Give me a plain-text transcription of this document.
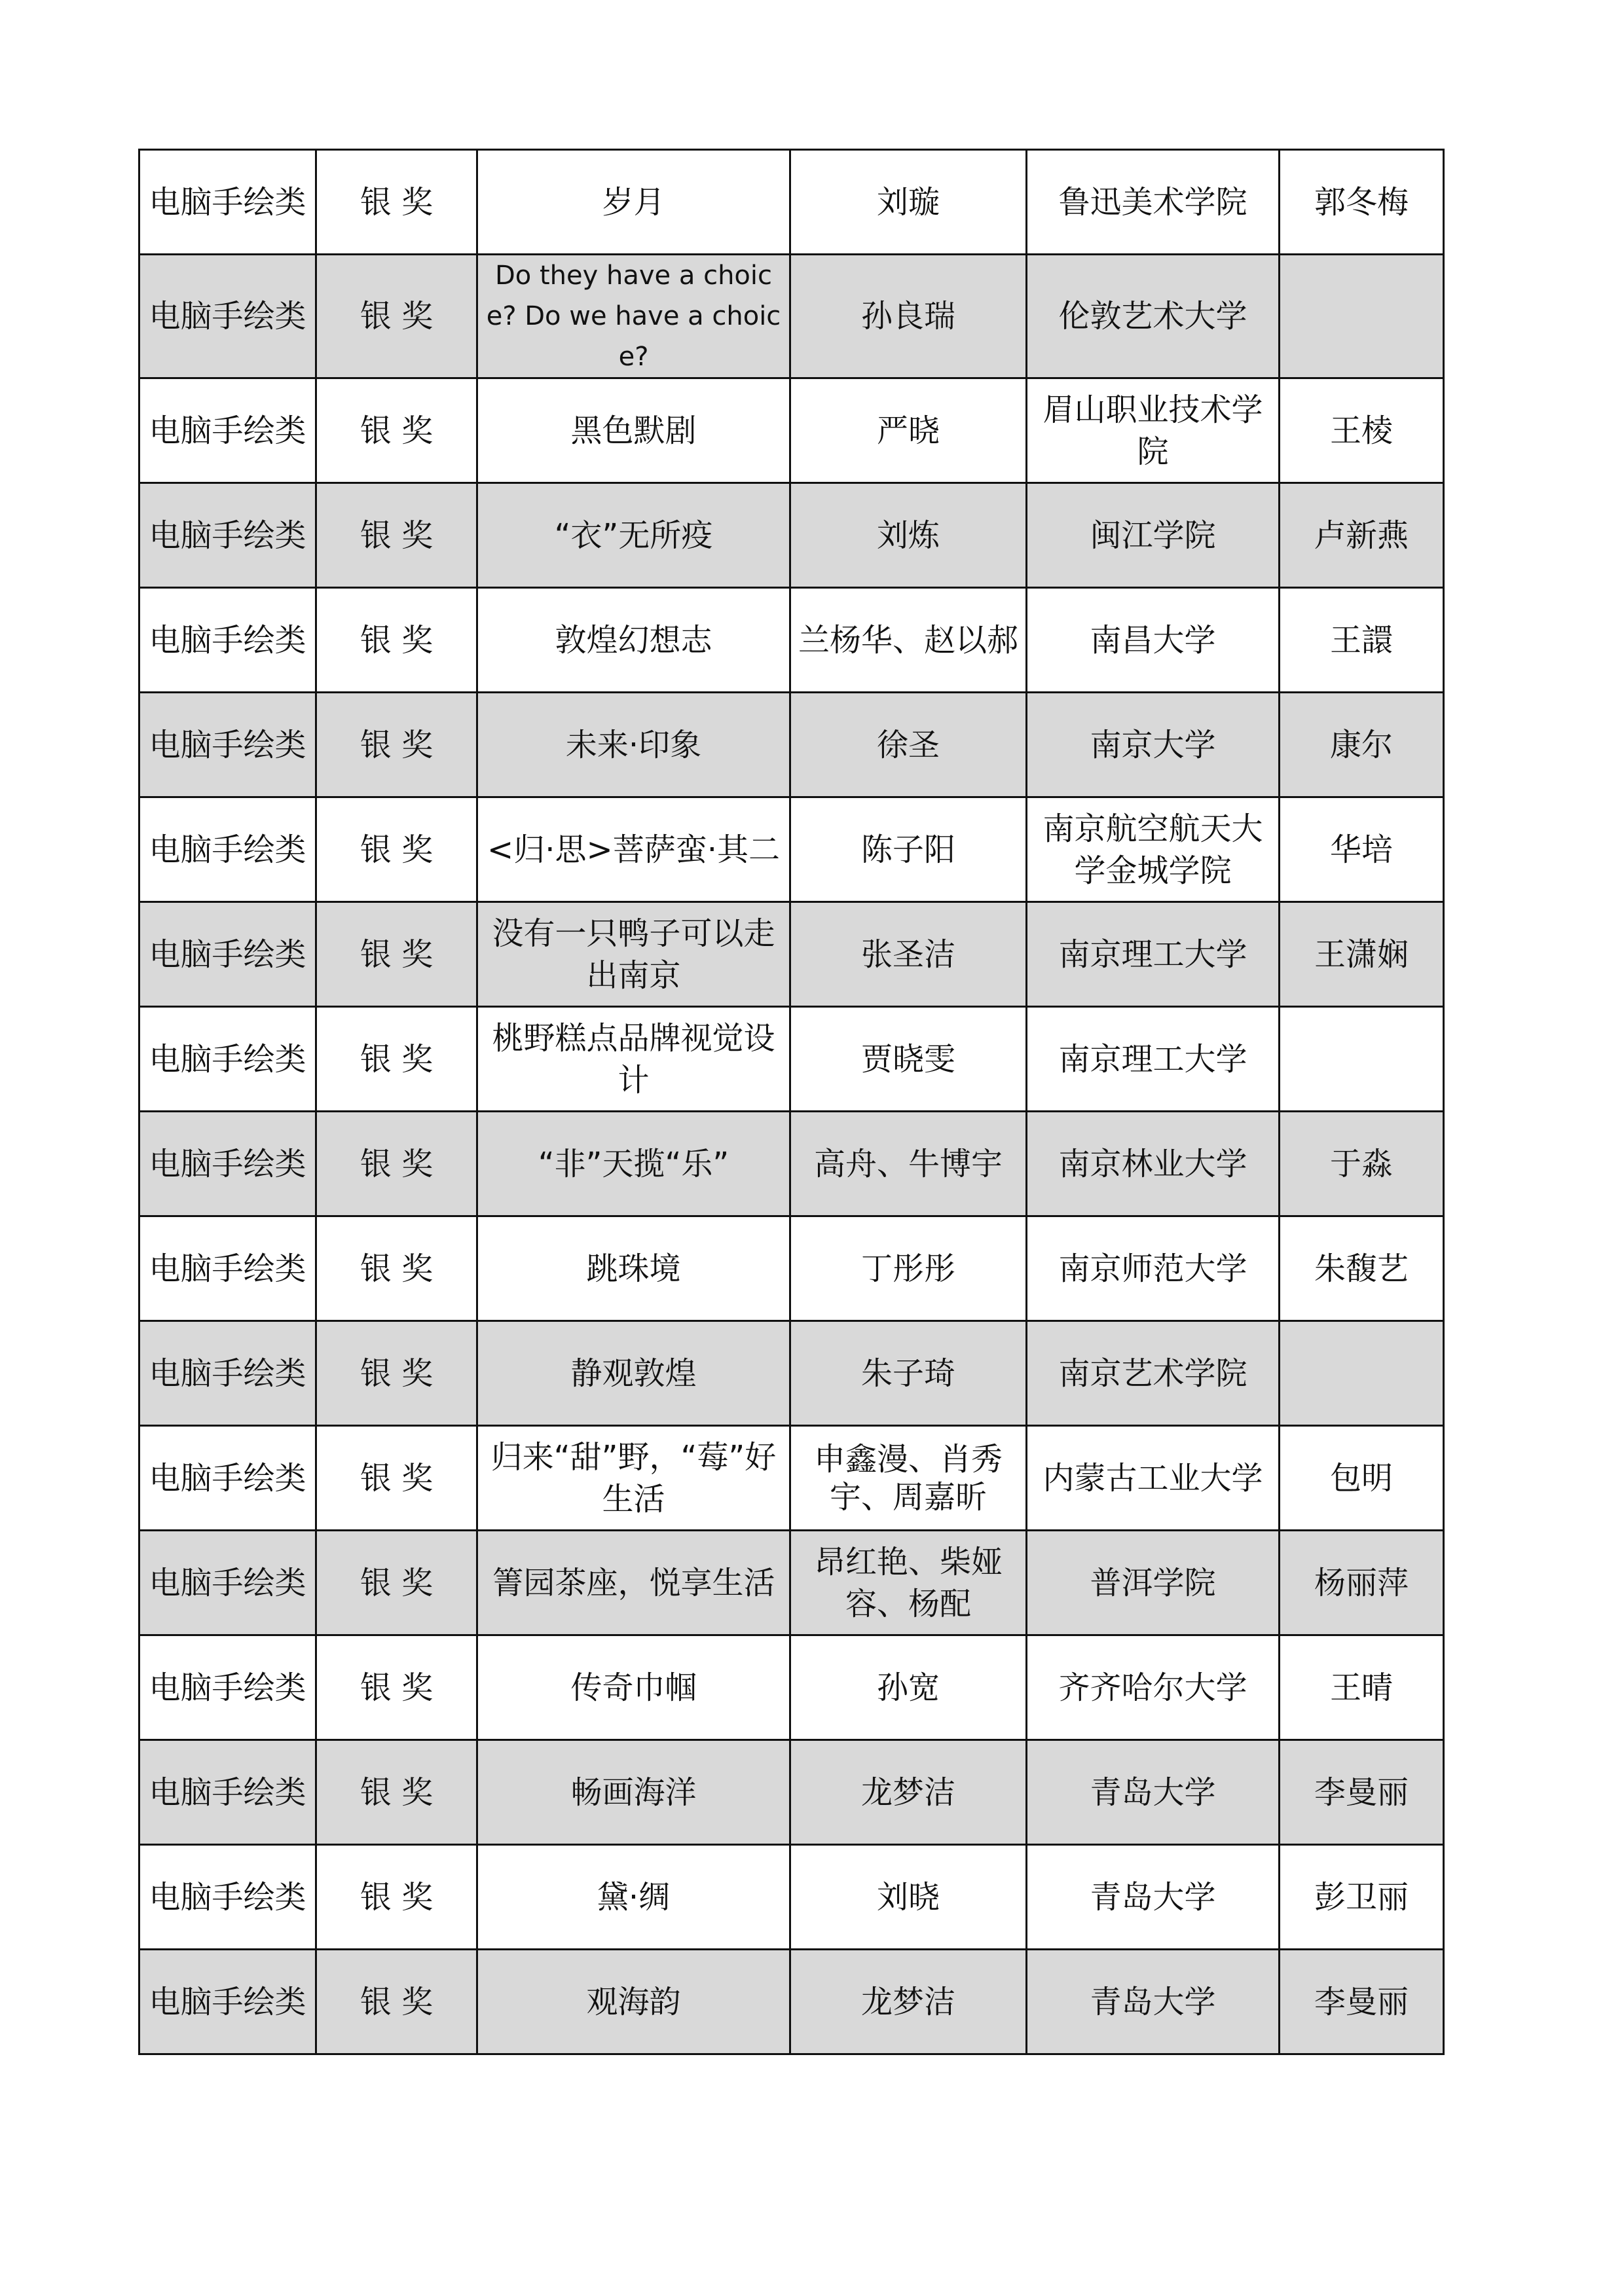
电脑手绘类	银 奖	岁月	刘璇	鲁迅美术学院	郭冬梅
电脑手绘类	银 奖	Do they have a choice? Do we have a choice?	孙良瑞	伦敦艺术大学	
电脑手绘类	银 奖	黑色默剧	严晓	眉山职业技术学院	王棱
电脑手绘类	银 奖	“衣”无所疫	刘炼	闽江学院	卢新燕
电脑手绘类	银 奖	敦煌幻想志	兰杨华、赵以郝	南昌大学	王譞
电脑手绘类	银 奖	未来·印象	徐圣	南京大学	康尔
电脑手绘类	银 奖	<归·思>菩萨蛮·其二	陈子阳	南京航空航天大学金城学院	华培
电脑手绘类	银 奖	没有一只鸭子可以走出南京	张圣洁	南京理工大学	王潇娴
电脑手绘类	银 奖	桃野糕点品牌视觉设计	贾晓雯	南京理工大学	
电脑手绘类	银 奖	“非”天揽“乐”	高舟、牛博宇	南京林业大学	于淼
电脑手绘类	银 奖	跳珠境	丁彤彤	南京师范大学	朱馥艺
电脑手绘类	银 奖	静观敦煌	朱子琦	南京艺术学院	
电脑手绘类	银 奖	归来“甜”野，“莓”好生活	申鑫漫、肖秀宇、周嘉昕	内蒙古工业大学	包明
电脑手绘类	银 奖	箐园茶座，悦享生活	昂红艳、柴娅容、杨配	普洱学院	杨丽萍
电脑手绘类	银 奖	传奇巾帼	孙宽	齐齐哈尔大学	王晴
电脑手绘类	银 奖	畅画海洋	龙梦洁	青岛大学	李曼丽
电脑手绘类	银 奖	黛·绸	刘晓	青岛大学	彭卫丽
电脑手绘类	银 奖	观海韵	龙梦洁	青岛大学	李曼丽
